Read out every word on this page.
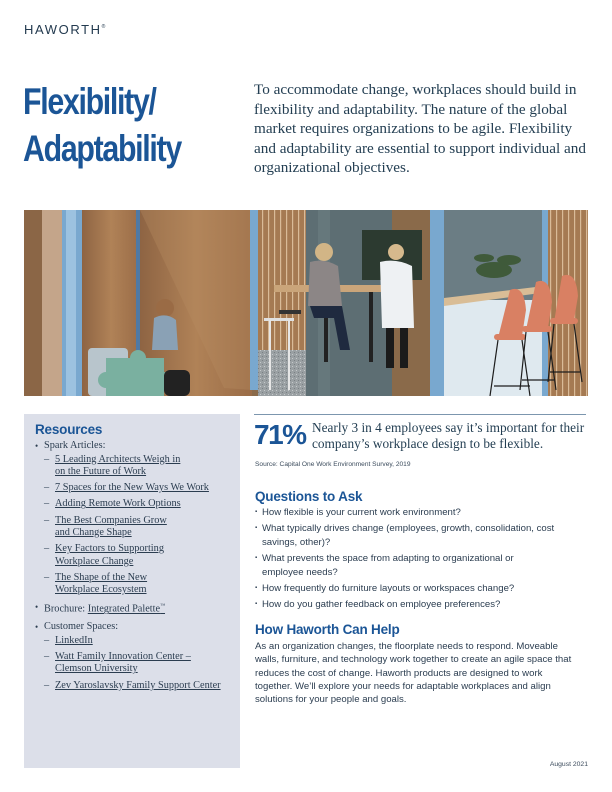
HAWORTH®
Flexibility/
Adaptability

To accommodate change, workplaces should build in flexibility and adaptability. The nature of the global market requires organizations to be agile. Flexibility and adaptability are essential to support individual and organizational objectives.

Resources
• Spark Articles:
– 5 Leading Architects Weigh in
on the Future of Work
– 7 Spaces for the New Ways We Work
– Adding Remote Work Options
– The Best Companies Grow
and Change Shape
– Key Factors to Supporting
Workplace Change
– The Shape of the New
Workplace Ecosystem
• Brochure: Integrated Palette™
• Customer Spaces:
– LinkedIn
– Watt Family Innovation Center –
Clemson University
– Zev Yaroslavsky Family Support Center
71% Nearly 3 in 4 employees say it’s important for their company’s workplace design to be flexible.

Source: Capital One Work Environment Survey, 2019

Questions to Ask
▪ How flexible is your current work environment?
▪ What typically drives change (employees, growth, consolidation, cost savings, other)?
▪ What prevents the space from adapting to organizational or employee needs?
▪ How frequently do furniture layouts or workspaces change?
▪ How do you gather feedback on employee preferences?
How Haworth Can Help

As an organization changes, the floorplate needs to respond. Moveable walls, furniture, and technology work together to create an agile space that reduces the cost of change. Haworth products are designed to work together. We’ll explore your needs for adaptable workplaces and align solutions for your people and goals.

August 2021
